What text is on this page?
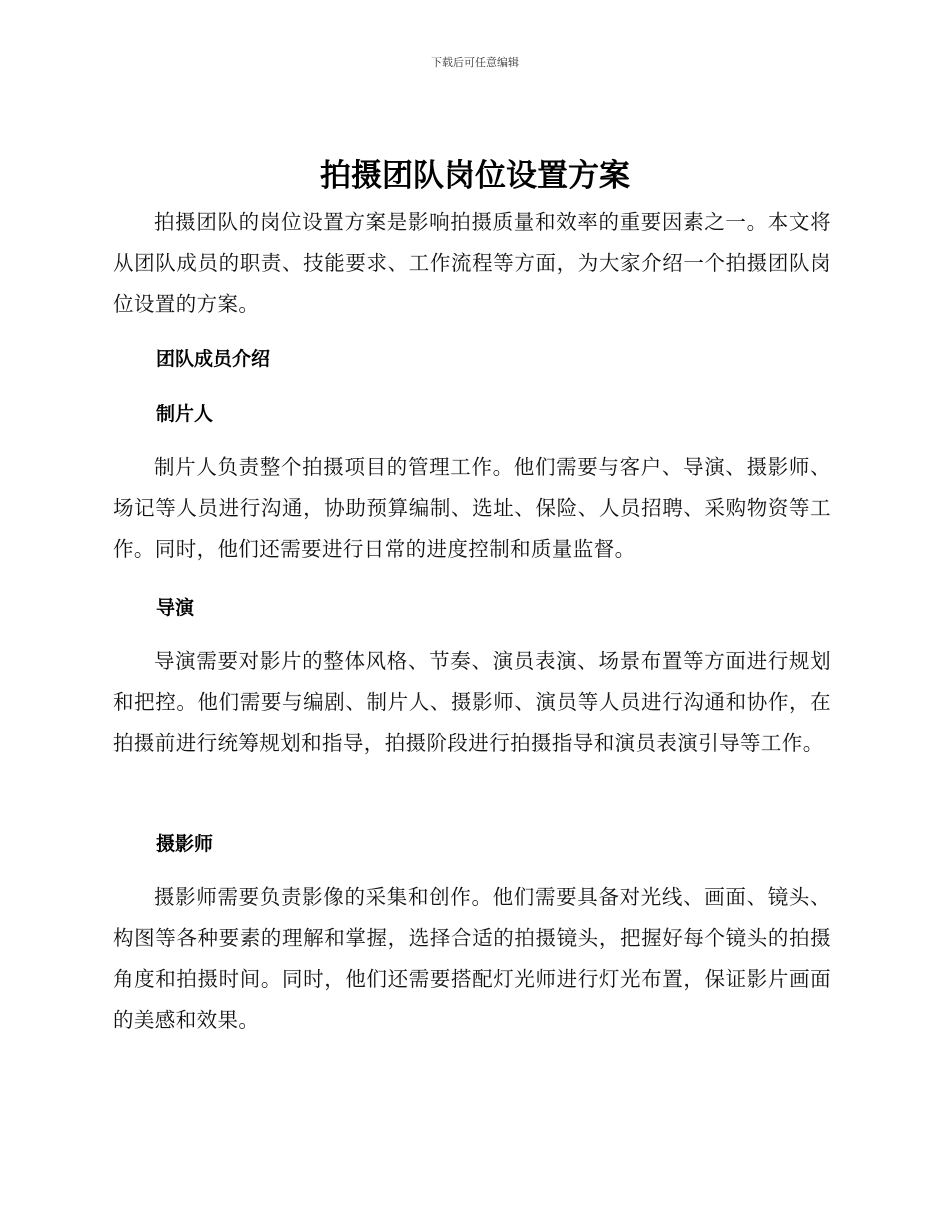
下载后可任意编辑
拍摄团队岗位设置方案

拍摄团队的岗位设置方案是影响拍摄质量和效率的重要因素之一。本文将从团队成员的职责、技能要求、工作流程等方面，为大家介绍一个拍摄团队岗位设置的方案。

团队成员介绍
制片人

制片人负责整个拍摄项目的管理工作。他们需要与客户、导演、摄影师、场记等人员进行沟通，协助预算编制、选址、保险、人员招聘、采购物资等工作。同时，他们还需要进行日常的进度控制和质量监督。

导演

导演需要对影片的整体风格、节奏、演员表演、场景布置等方面进行规划和把控。他们需要与编剧、制片人、摄影师、演员等人员进行沟通和协作，在拍摄前进行统筹规划和指导，拍摄阶段进行拍摄指导和演员表演引导等工作。

摄影师

摄影师需要负责影像的采集和创作。他们需要具备对光线、画面、镜头、构图等各种要素的理解和掌握，选择合适的拍摄镜头，把握好每个镜头的拍摄角度和拍摄时间。同时，他们还需要搭配灯光师进行灯光布置，保证影片画面的美感和效果。
